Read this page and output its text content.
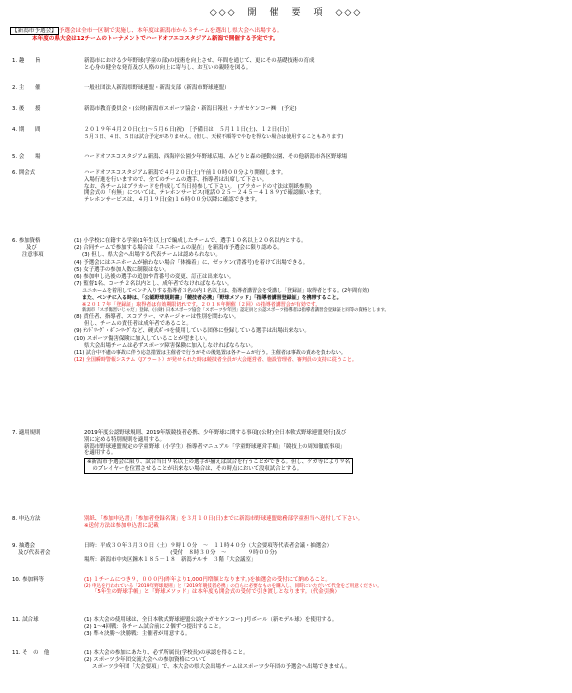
◇◇◇　開　催　要　項　◇◇◇
【新潟市予選会】 予選会は全市一区制で実施し、本年度は新潟市から３チームを選出し県大会へ出場する。
本年度の県大会は12チームのトーナメントでハードオフエコスタジアム新潟で開催する予定です。
1. 趣　　旨	新潟市における少年野球(学童の部)の技術を向上させ、年間を通じて、更にその基礎技術の育成
と心身の健全な発育及び人格の向上に寄与し、お互いの親睦を図る。
2. 主　　催	一般社団法人新潟県野球連盟・新潟支部（新潟市野球連盟）
3. 後　　援	新潟市教育委員会・(公財)新潟市スポーツ協会・新潟日報社・ナガセケンコー㈱　(予定)
4. 期　　間	２０１９年４月２０日(土)～５月６日(祝)　［予備日は　５月１１日(土)、１２日(日)］
５月３日、４日、５日は試合予定がありません。(但し、天候不順等でやむを得ない場合は使用することもあります)
5. 会　　場	ハードオフエコスタジアム新潟、西海岸公園少年野球広場、みどりと森の運動公園、その他新潟市各区野球場
6. 開会式	ハードオフエコスタジアム新潟で４月２０日(土)午前１０時００分より開催します。
入場行進を行いますので、全てのチームの選手、指導者は出席して下さい。
なお、各チームはプラカードを作成して当日持参して下さい。　(プラカードの寸法は別紙参照)
開会式の「有無」については、テレホンサービス(電話０２５－２４５－４１８９)で確認願います。
テレホンサービスは、４月１９日(金)１６時００分以降に確認できます。
6. 参加資格
及び
注意事項
(1) 小学校に在籍する学童(1年生以上)で編成したチームで、選手１０名以上２０名以内とする。
(2) 合同チームで参加する場合は「ユニホームの混在」を新潟市予選会に限り認める。
(3) 但し、県大会へ出場する代表チームは認められない。
(4) 予選会にはユニホームが揃わない場合「体操着」に、ゼッケン(背番号)を着けて出場できる。
(5) 女子選手の参加人数に制限はない。
(6) 参加申し込後の選手の追加や背番号の変更、訂正は出来ない。
(7) 監督1名、コーチ２名以内とし、成年者でなければならない。
ユニホームを着用してベンチ入りする指導者３名の内１名以上は、指導者講習会を受講し「登録証」取得者とする。(2年間有効)
また、ベンチに入る時は、「公認野球規則書」「競技者必携」「野球メソッド」「指導者講習登録証」を携帯すること。
※２０１７年「登録証」取得者は有効期限切れです。２０１８年開催（２回）の指導者講習会が有効です。
新潟市「スポ傷害いじゃだ」登録、(公財) 日本スポーツ協会「スポーツ少年団」認定員と公認スポーツ指導者は指導者講習会登録証と同等の資格とします。
(8) 責任者、指導者、スコアラー、マネージャーは性別を問わない。
但し、チームの責任者は成年者であること。
(9) ﾃﾝﾄﾞﾘｰｸﾞ・ﾎﾞﾆｰﾘｰｸﾞなど、硬式ﾎﾞｰﾙを使用している団体に登録している選手は出場出来ない。
(10) スポーツ傷害保険に加入していることが望ましい。
県大会出場チームは必ずスポーツ障害保険に加入しなければならない。
(11) 試合中不慮の事故に伴う応急措置は主催者で行うがその後処置は各チームが行う。主催者は事故の責めを負わない。
(12) 全国瞬時警報システム（Jアラート）が発せられた時は競技者全員が大会運営者、施設管理者、審判員の支持に従うこと。
7. 適用規則	2019年度公認野球規則、2019年版競技者必携、少年野球に関する事項[(公財)全日本軟式野球連盟発行]及び
別に定める特別規則を適用する。
新潟市野球連盟規定の学童野球（小学生）指導者マニュアル「学童野球運営手順」「競技上の周知徹底事項」
を適用する。
※新潟市予選会に限り、試合当日９名以上の選手が揃えば試合を行うことができる。但し、ケガ等により９名
　のプレイヤーを位置させることが出来ない場合は、その時点において没収試合とする。
8. 申込方法	別紙、「参加申込書」「参加者登録名簿」を３月１０日(日)までに新潟市野球連盟総務部学童担当へ送付して下さい。
※送付方法は参加申込書に記載
9. 抽選会
及び代表者会
日時：平成３０年３月３０日（土）９時１０分　～　１１時４０分（大会要項等代表者会議・抽選会）
　　　　　　　　　　　　　　　　(受付　８時３０分　～　　　　９時００分)
場所：新潟市中央区鐘木１８５－１８　新潟テルサ　３階「大会議室」
10. 参加料等	(1) １チームにつき９，０００円(昨年より1,000円増額となります。)を抽選会の受付にて納めること。
(2) 申込を行われている「2019年野球規則」と「2019年競技者必携」の自らに必要なものを購入し、同時にいただいて代金をご用意ください。
「5年生の野球手帳」と「野球メソッド」は本年度も開会式の受付で引き渡しとなります。（代金引換）
11. 試合球	(1) 本大会の使用球は、全日本軟式野球連盟公認(ナガセケンコー) J号ボール（新モデル球）を使用する。
(2) 1～4回戦：各チーム試合前に２個ずつ提出すること。
(3) 準々決勝～決勝戦：主催者が用意する。
11. そ　の　他	(1) 本大会の参加にあたり、必ず所属長(学校長)の承認を得ること。
(2) スポーツ少年団交流大会への参加資格について
スポーツ少年団「大会要項」で、本大会の県大会出場チームはスポーツ少年団の予選会へ出場できません。
